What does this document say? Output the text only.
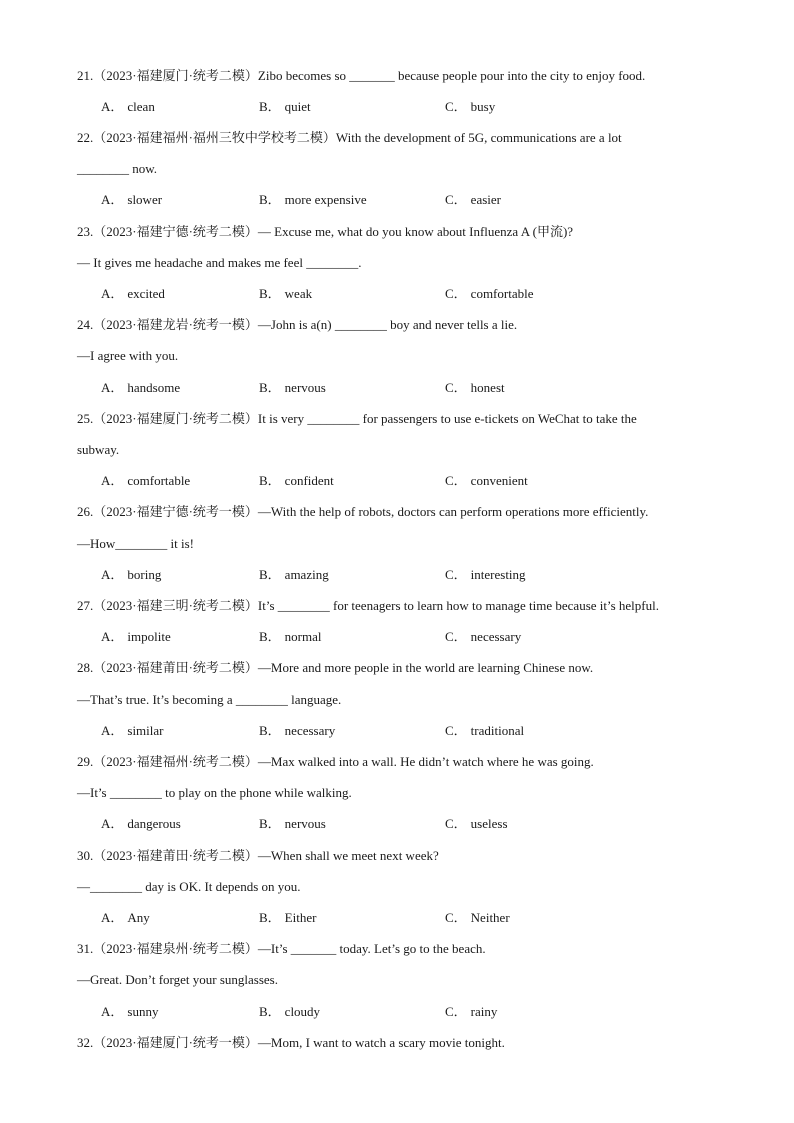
21.（2023·福建厦门·统考二模）Zibo becomes so _______ because people pour into the city to enjoy food.
A． clean	B． quiet	C． busy
22.（2023·福建福州·福州三牧中学校考二模）With the development of 5G, communications are a lot
________ now.
A． slower	B． more expensive	C． easier
23.（2023·福建宁德·统考二模）— Excuse me, what do you know about Influenza A (甲流)?
— It gives me headache and makes me feel ________.
A． excited	B． weak	C． comfortable
24.（2023·福建龙岩·统考一模）—John is a(n) ________ boy and never tells a lie.
—I agree with you.
A． handsome	B． nervous	C． honest
25.（2023·福建厦门·统考二模）It is very ________ for passengers to use e-tickets on WeChat to take the
subway.
A． comfortable	B． confident	C． convenient
26.（2023·福建宁德·统考一模）—With the help of robots, doctors can perform operations more efficiently.
—How________ it is!
A． boring	B． amazing	C． interesting
27.（2023·福建三明·统考二模）It’s ________ for teenagers to learn how to manage time because it’s helpful.
A． impolite	B． normal	C． necessary
28.（2023·福建莆田·统考二模）—More and more people in the world are learning Chinese now.
—That’s true. It’s becoming a ________ language.
A． similar	B． necessary	C． traditional
29.（2023·福建福州·统考二模）—Max walked into a wall. He didn’t watch where he was going.
—It’s ________ to play on the phone while walking.
A． dangerous	B． nervous	C． useless
30.（2023·福建莆田·统考二模）—When shall we meet next week?
—________ day is OK. It depends on you.
A． Any	B． Either	C． Neither
31.（2023·福建泉州·统考二模）—It’s _______ today. Let’s go to the beach.
—Great. Don’t forget your sunglasses.
A． sunny	B． cloudy	C． rainy
32.（2023·福建厦门·统考一模）—Mom, I want to watch a scary movie tonight.
